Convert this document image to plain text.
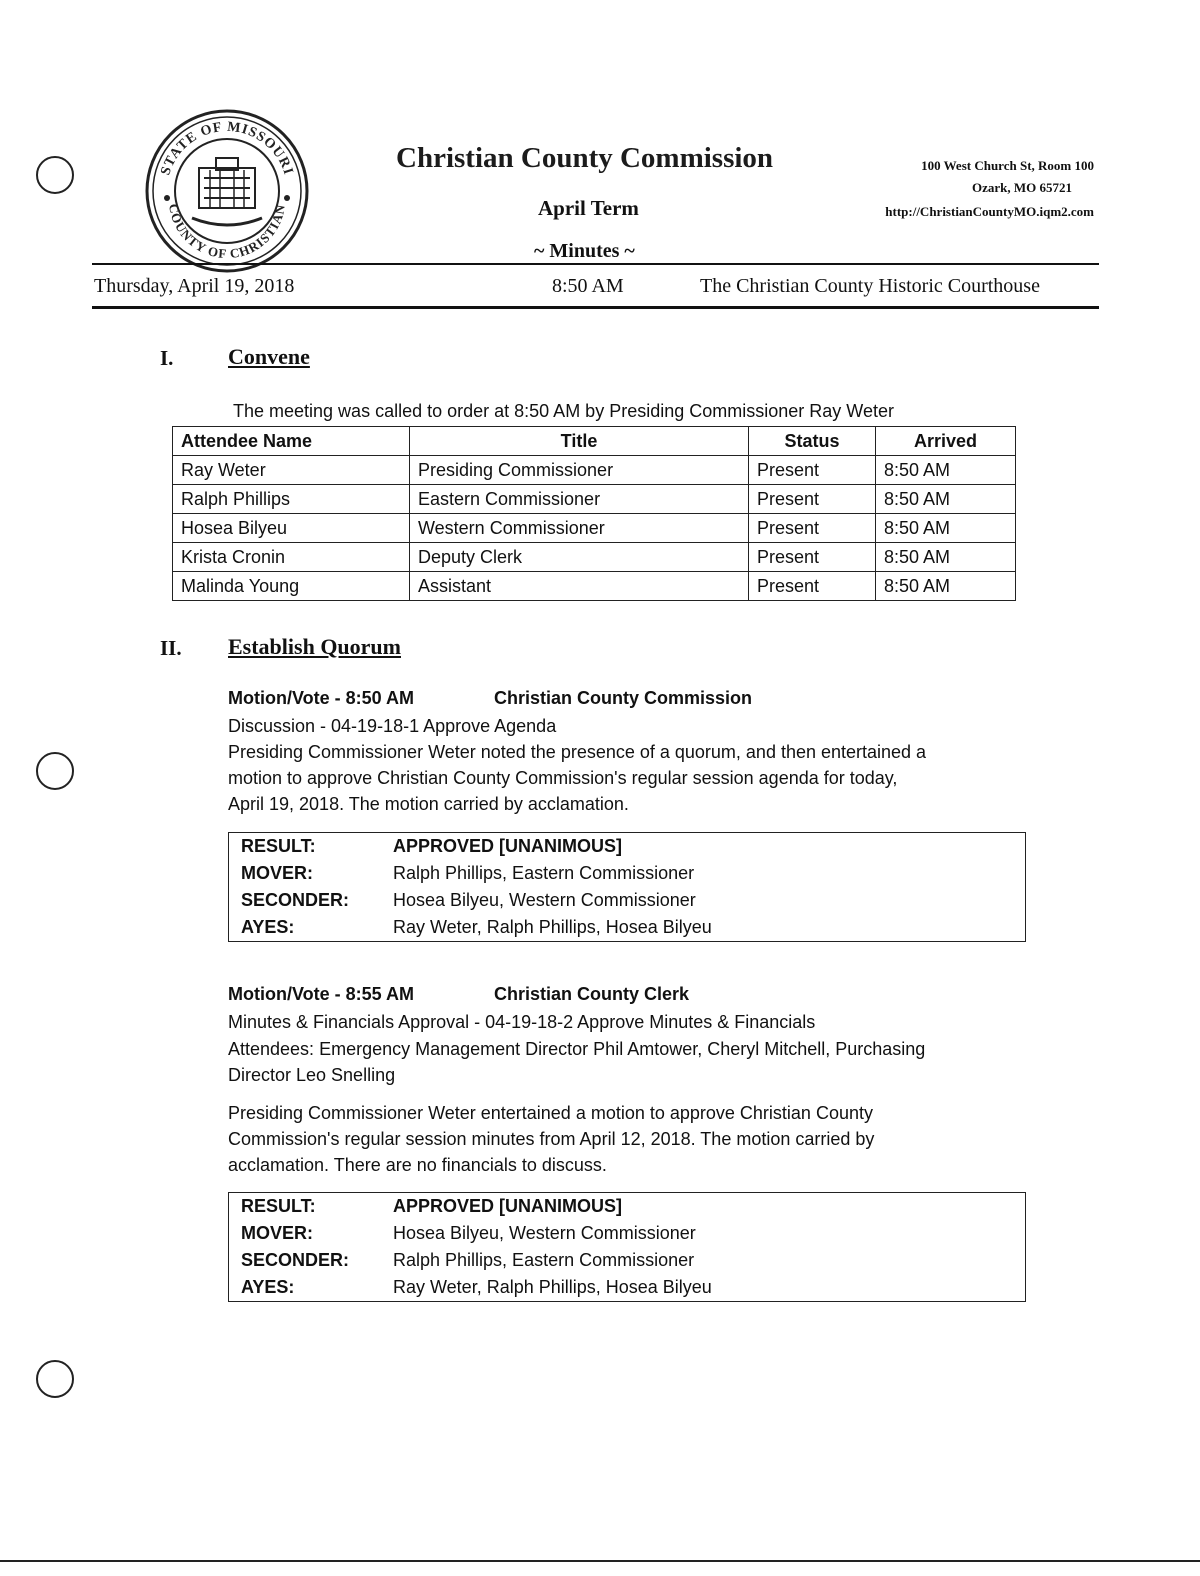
STATE OF MISSOURI
COUNTY OF CHRISTIAN
Christian County Commission
April Term
~ Minutes ~
100 West Church St, Room 100
Ozark, MO 65721
http://ChristianCountyMO.iqm2.com
Thursday, April 19, 2018	8:50 AM	The Christian County Historic Courthouse
I. Convene
The meeting was called to order at 8:50 AM by Presiding Commissioner Ray Weter
Attendee Name	Title	Status	Arrived
Ray Weter	Presiding Commissioner	Present	8:50 AM
Ralph Phillips	Eastern Commissioner	Present	8:50 AM
Hosea Bilyeu	Western Commissioner	Present	8:50 AM
Krista Cronin	Deputy Clerk	Present	8:50 AM
Malinda Young	Assistant	Present	8:50 AM
II. Establish Quorum
Motion/Vote - 8:50 AM	Christian County Commission
Discussion - 04-19-18-1 Approve Agenda
Presiding Commissioner Weter noted the presence of a quorum, and then entertained a
motion to approve Christian County Commission's regular session agenda for today,
April 19, 2018. The motion carried by acclamation.
RESULT:	APPROVED [UNANIMOUS]
MOVER:	Ralph Phillips, Eastern Commissioner
SECONDER:	Hosea Bilyeu, Western Commissioner
AYES:	Ray Weter, Ralph Phillips, Hosea Bilyeu
Motion/Vote - 8:55 AM	Christian County Clerk
Minutes & Financials Approval - 04-19-18-2 Approve Minutes & Financials
Attendees: Emergency Management Director Phil Amtower, Cheryl Mitchell, Purchasing
Director Leo Snelling
Presiding Commissioner Weter entertained a motion to approve Christian County
Commission's regular session minutes from April 12, 2018. The motion carried by
acclamation. There are no financials to discuss.
RESULT:	APPROVED [UNANIMOUS]
MOVER:	Hosea Bilyeu, Western Commissioner
SECONDER:	Ralph Phillips, Eastern Commissioner
AYES:	Ray Weter, Ralph Phillips, Hosea Bilyeu
